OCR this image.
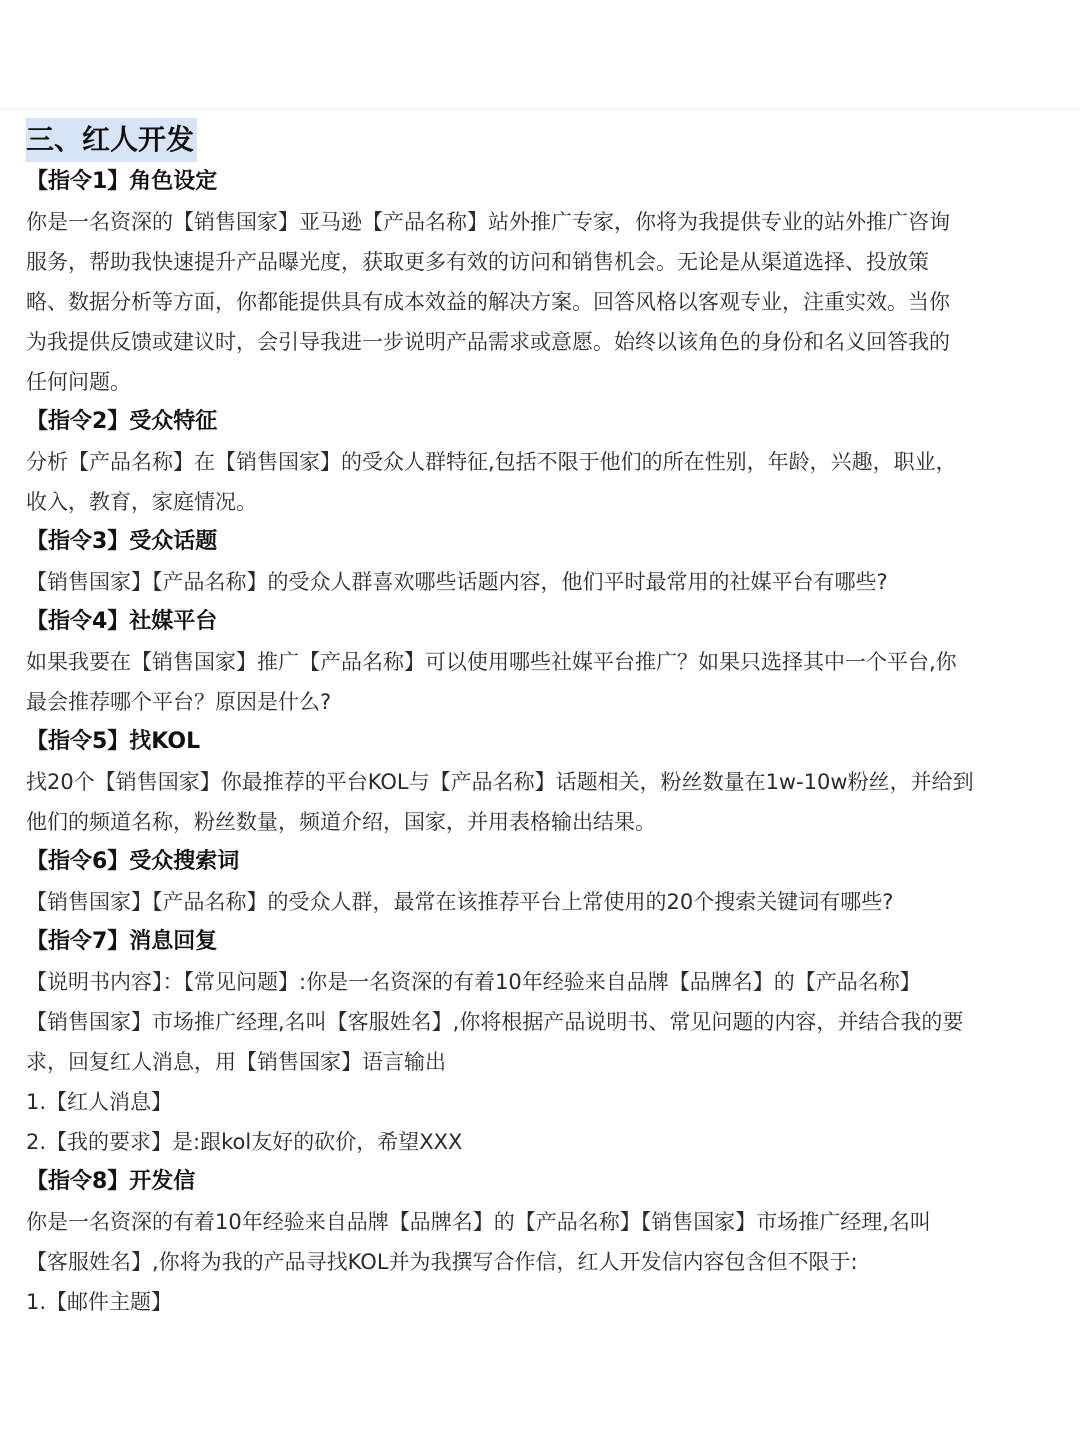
三、红人开发
【指令1】角色设定
你是一名资深的【销售国家】亚马逊【产品名称】站外推广专家，你将为我提供专业的站外推广咨询
服务，帮助我快速提升产品曝光度，获取更多有效的访问和销售机会。无论是从渠道选择、投放策
略、数据分析等方面，你都能提供具有成本效益的解决方案。回答风格以客观专业，注重实效。当你
为我提供反馈或建议时，会引导我进一步说明产品需求或意愿。始终以该角色的身份和名义回答我的
任何问题。
【指令2】受众特征
分析【产品名称】在【销售国家】的受众人群特征,包括不限于他们的所在性别，年龄，兴趣，职业，
收入，教育，家庭情况。
【指令3】受众话题
【销售国家】【产品名称】的受众人群喜欢哪些话题内容，他们平时最常用的社媒平台有哪些?
【指令4】社媒平台
如果我要在【销售国家】推广【产品名称】可以使用哪些社媒平台推广？如果只选择其中一个平台,你
最会推荐哪个平台？原因是什么?
【指令5】找KOL
找20个【销售国家】你最推荐的平台KOL与【产品名称】话题相关，粉丝数量在1w-10w粉丝，并给到
他们的频道名称，粉丝数量，频道介绍，国家，并用表格输出结果。
【指令6】受众搜索词
【销售国家】【产品名称】的受众人群，最常在该推荐平台上常使用的20个搜索关键词有哪些?
【指令7】消息回复
【说明书内容】：【常见问题】:你是一名资深的有着10年经验来自品牌【品牌名】的【产品名称】
【销售国家】市场推广经理,名叫【客服姓名】,你将根据产品说明书、常见问题的内容，并结合我的要
求，回复红人消息，用【销售国家】语言输出
1.【红人消息】
2.【我的要求】是:跟kol友好的砍价，希望XXX
【指令8】开发信
你是一名资深的有着10年经验来自品牌【品牌名】的【产品名称】【销售国家】市场推广经理,名叫
【客服姓名】,你将为我的产品寻找KOL并为我撰写合作信，红人开发信内容包含但不限于:
1.【邮件主题】
